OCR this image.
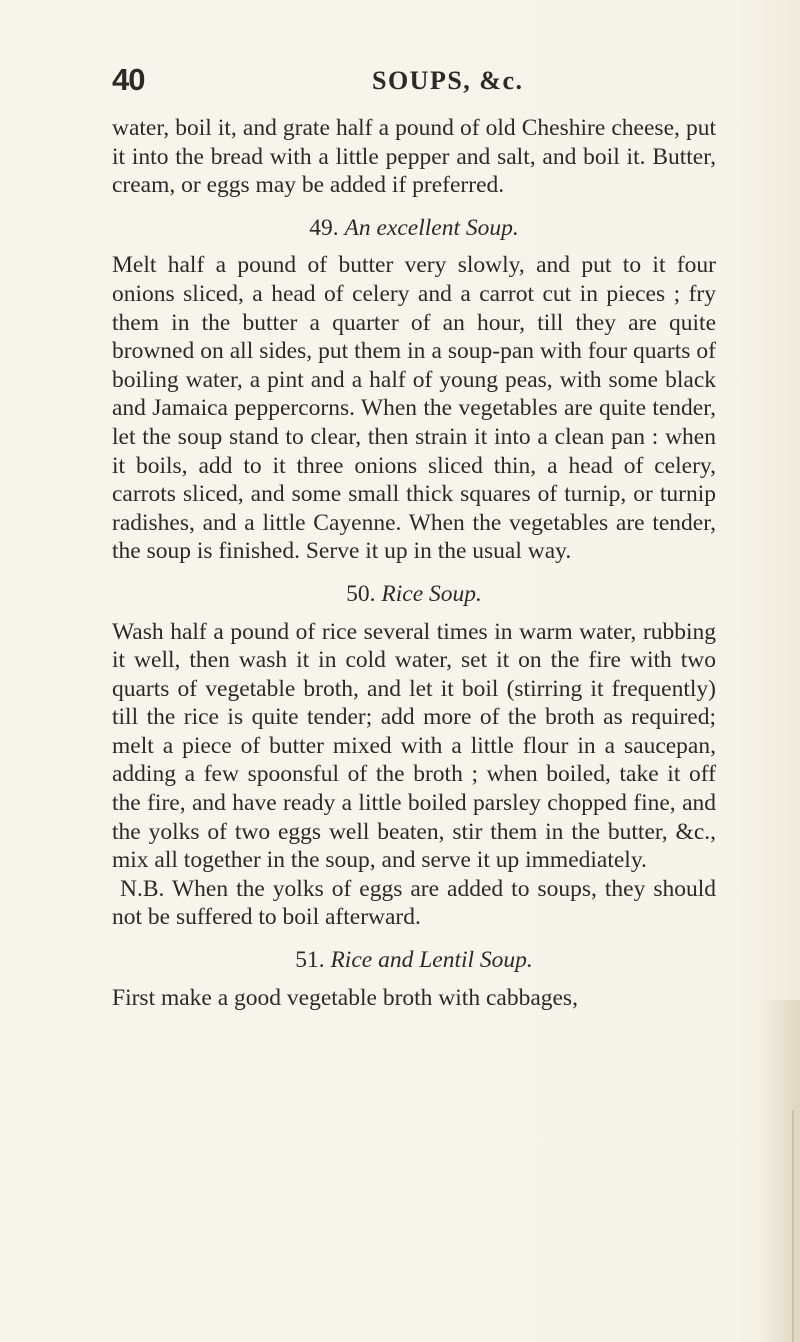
40	SOUPS, &c.

water, boil it, and grate half a pound of old Cheshire cheese, put it into the bread with a little pepper and salt, and boil it. Butter, cream, or eggs may be added if preferred.

49. An excellent Soup.

Melt half a pound of butter very slowly, and put to it four onions sliced, a head of celery and a carrot cut in pieces ; fry them in the butter a quarter of an hour, till they are quite browned on all sides, put them in a soup-pan with four quarts of boiling water, a pint and a half of young peas, with some black and Jamaica peppercorns. When the vegetables are quite tender, let the soup stand to clear, then strain it into a clean pan : when it boils, add to it three onions sliced thin, a head of celery, carrots sliced, and some small thick squares of turnip, or turnip radishes, and a little Cayenne. When the vegetables are tender, the soup is finished. Serve it up in the usual way.

50. Rice Soup.

Wash half a pound of rice several times in warm water, rubbing it well, then wash it in cold water, set it on the fire with two quarts of vegetable broth, and let it boil (stirring it frequently) till the rice is quite tender; add more of the broth as required; melt a piece of butter mixed with a little flour in a saucepan, adding a few spoonsful of the broth ; when boiled, take it off the fire, and have ready a little boiled parsley chopped fine, and the yolks of two eggs well beaten, stir them in the butter, &c., mix all together in the soup, and serve it up immediately.

N.B. When the yolks of eggs are added to soups, they should not be suffered to boil afterward.

51. Rice and Lentil Soup.

First make a good vegetable broth with cabbages,
